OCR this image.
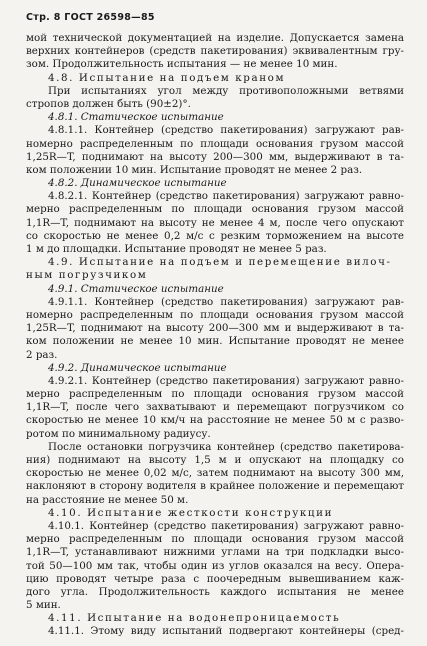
Стр. 8 ГОСТ 26598—85
мой технической документацией на изделие. Допускается замена
верхних контейнеров (средств пакетирования) эквивалентным гру-
зом. Продолжительность испытания — не менее 10 мин.
4.8. Испытание на подъем краном
При испытаниях угол между противоположными ветвями
стропов должен быть (90±2)°.
4.8.1. Статическое испытание
4.8.1.1. Контейнер (средство пакетирования) загружают рав-
номерно распределенным по площади основания грузом массой
1,25R—T, поднимают на высоту 200—300 мм, выдерживают в та-
ком положении 10 мин. Испытание проводят не менее 2 раз.
4.8.2. Динамическое испытание
4.8.2.1. Контейнер (средство пакетирования) загружают равно-
мерно распределенным по площади основания грузом массой
1,1R—T, поднимают на высоту не менее 4 м, после чего опускают
со скоростью не менее 0,2 м/с с резким торможением на высоте
1 м до площадки. Испытание проводят не менее 5 раз.
4.9. Испытание на подъем и перемещение вилоч-
ным погрузчиком
4.9.1. Статическое испытание
4.9.1.1. Контейнер (средство пакетирования) загружают рав-
номерно распределенным по площади основания грузом массой
1,25R—T, поднимают на высоту 200—300 мм и выдерживают в та-
ком положении не менее 10 мин. Испытание проводят не менее
2 раз.
4.9.2. Динамическое испытание
4.9.2.1. Контейнер (средство пакетирования) загружают равно-
мерно распределенным по площади основания грузом массой
1,1R—T, после чего захватывают и перемещают погрузчиком со
скоростью не менее 10 км/ч на расстояние не менее 50 м с разво-
ротом по минимальному радиусу.
После остановки погрузчика контейнер (средство пакетирова-
ния) поднимают на высоту 1,5 м и опускают на площадку со
скоростью не менее 0,02 м/с, затем поднимают на высоту 300 мм,
наклоняют в сторону водителя в крайнее положение и перемещают
на расстояние не менее 50 м.
4.10. Испытание жесткости конструкции
4.10.1. Контейнер (средство пакетирования) загружают равно-
мерно распределенным по площади основания грузом массой
1,1R—T, устанавливают нижними углами на три подкладки высо-
той 50—100 мм так, чтобы один из углов оказался на весу. Опера-
цию проводят четыре раза с поочередным вывешиванием каж-
дого угла. Продолжительность каждого испытания не менее
5 мин.
4.11. Испытание на водонепроницаемость
4.11.1. Этому виду испытаний подвергают контейнеры (сред-
